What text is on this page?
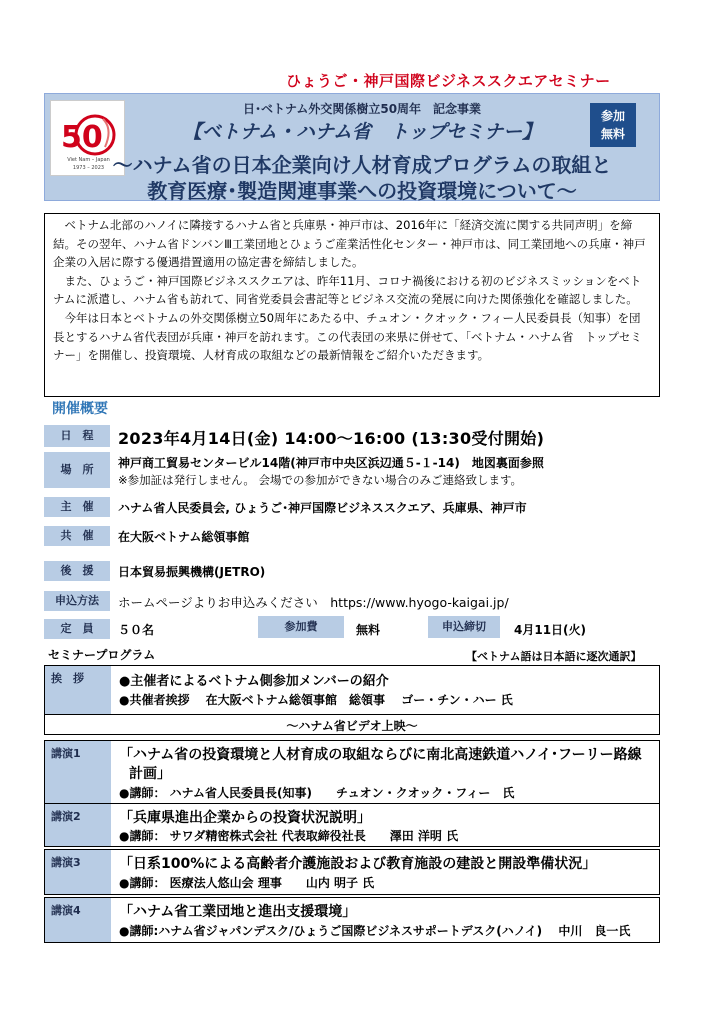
ひょうご・神戸国際ビジネススクエアセミナー
50
Viet Nam – Japan
1973 – 2023
日･ベトナム外交関係樹立50周年　記念事業
【ベトナム・ハナム省　トップセミナー】
～ハナム省の日本企業向け人材育成プログラムの取組と
教育医療･製造関連事業への投資環境について～
参加
無料

ベトナム北部のハノイに隣接するハナム省と兵庫県・神戸市は、2016年に「経済交流に関する共同声明」を締結。その翌年、ハナム省ドンバンⅢ工業団地とひょうご産業活性化センター・神戸市は、同工業団地への兵庫・神戸企業の入居に際する優遇措置適用の協定書を締結しました。

また、ひょうご・神戸国際ビジネススクエアは、昨年11月、コロナ禍後における初のビジネスミッションをベトナムに派遣し、ハナム省も訪れて、同省党委員会書記等とビジネス交流の発展に向けた関係強化を確認しました。

今年は日本とベトナムの外交関係樹立50周年にあたる中、チュオン・クオック・フィー人民委員長（知事）を団長とするハナム省代表団が兵庫・神戸を訪れます。この代表団の来県に併せて、「ベトナム・ハナム省　トップセミナー」を開催し、投資環境、人材育成の取組などの最新情報をご紹介いただきます。

開催概要
日　程	2023年4月14日(金) 14:00～16:00 (13:30受付開始)
場　所	神戸商工貿易センタービル14階(神戸市中央区浜辺通５-１-14)　地図裏面参照
※参加証は発行しません。 会場での参加ができない場合のみご連絡致します。
主　催	ハナム省人民委員会, ひょうご･神戸国際ビジネススクエア、兵庫県、神戸市
共　催	在大阪ベトナム総領事館
後　援	日本貿易振興機構(JETRO)
申込方法	ホームページよりお申込みください　https://www.hyogo-kaigai.jp/
定　員	５０名	参加費	無料	申込締切	4月11日(火)
セミナープログラム	【ベトナム語は日本語に逐次通訳】
挨　拶	●主催者によるベトナム側参加メンバーの紹介
●共催者挨拶　 在大阪ベトナム総領事館　総領事　 ゴー・チン・ハー 氏
～ハナム省ビデオ上映～
講演1	「ハナム省の投資環境と人材育成の取組ならびに南北高速鉄道ハノイ･フーリー路線
計画」
●講師： ハナム省人民委員長(知事)　　チュオン・クオック・フィー　氏
講演2	「兵庫県進出企業からの投資状況説明」
●講師： サワダ精密株式会社 代表取締役社長　　澤田 洋明 氏
講演3	「日系100%による高齢者介護施設および教育施設の建設と開設準備状況」
●講師： 医療法人悠山会 理事　　山内 明子 氏
講演4	「ハナム省工業団地と進出支援環境」
●講師:ハナム省ジャパンデスク/ひょうご国際ビジネスサポートデスク(ハノイ)　 中川　良一氏
